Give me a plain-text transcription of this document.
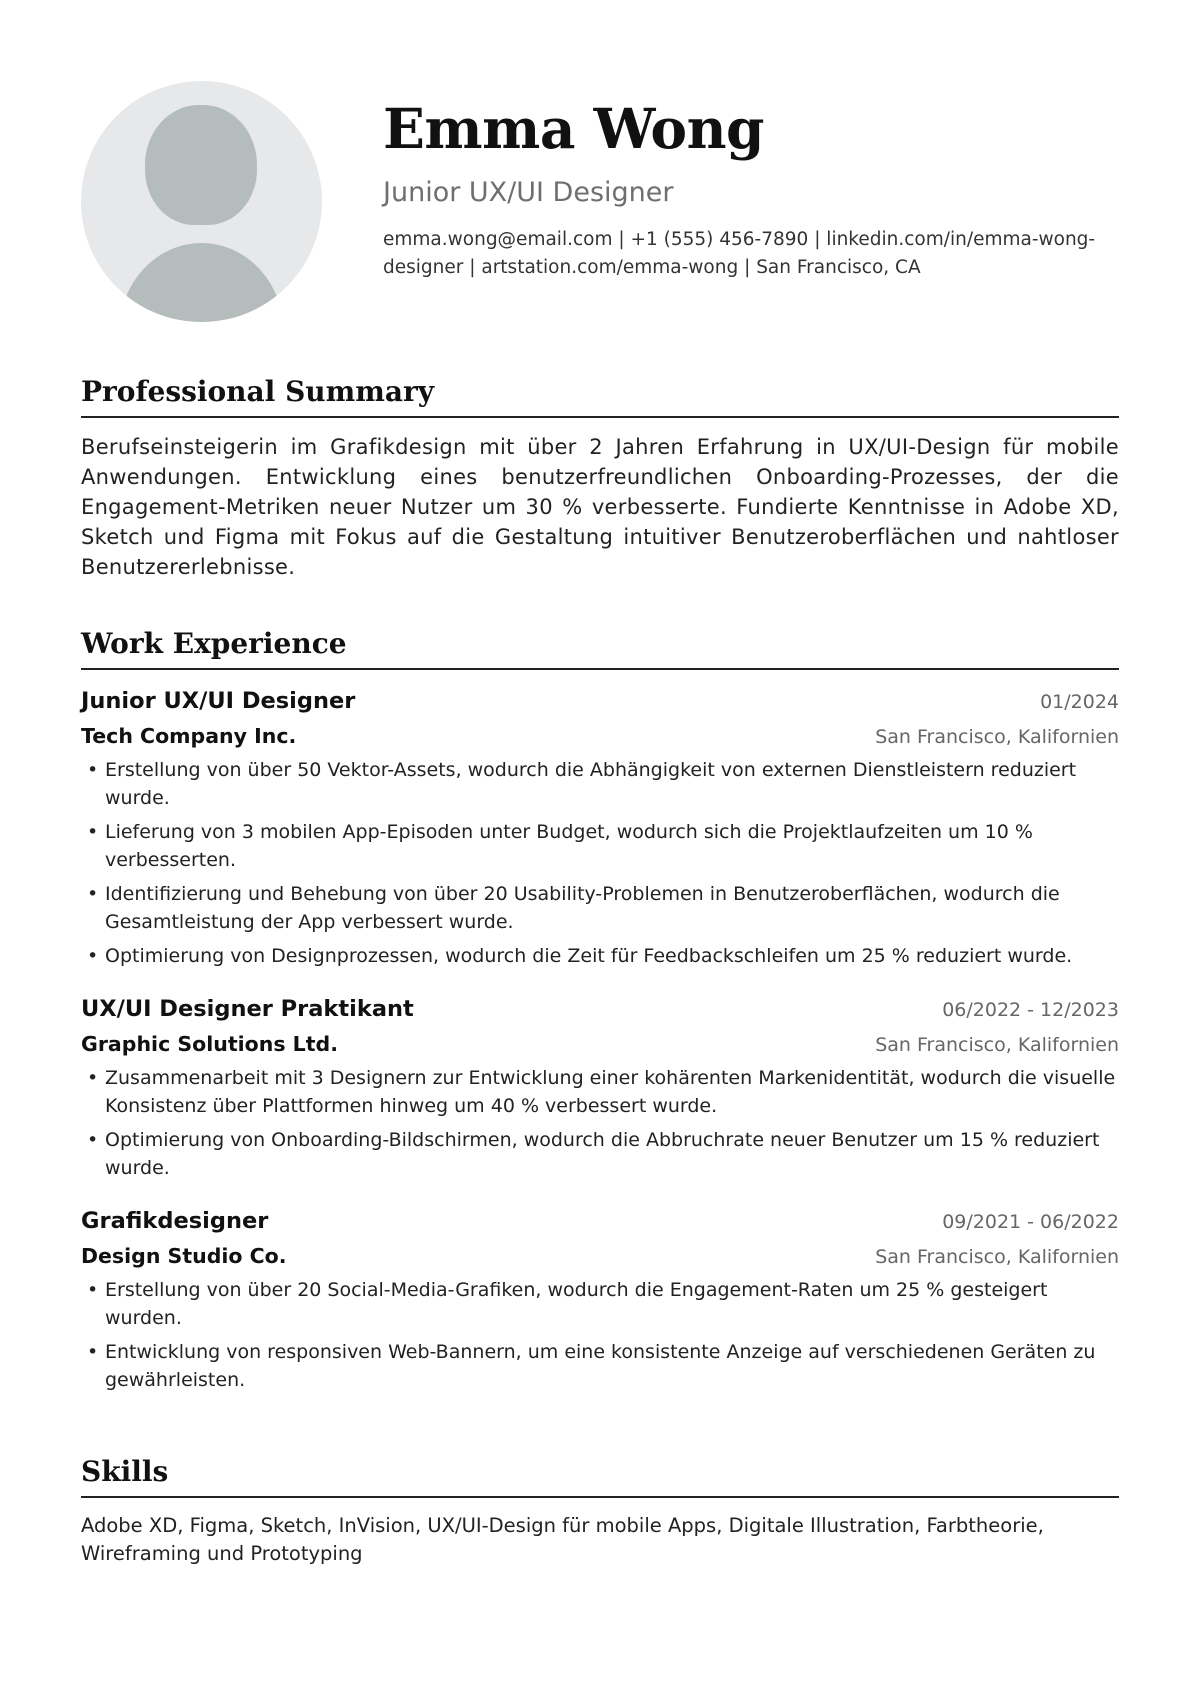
Emma Wong
Junior UX/UI Designer
emma.wong@email.com | +1 (555) 456-7890 | linkedin.com/in/emma-wong-designer | artstation.com/emma-wong | San Francisco, CA
Professional Summary

Berufseinsteigerin im Grafikdesign mit über 2 Jahren Erfahrung in UX/UI-Design für mobile Anwendungen. Entwicklung eines benutzerfreundlichen Onboarding-Prozesses, der die Engagement-Metriken neuer Nutzer um 30 % verbesserte. Fundierte Kenntnisse in Adobe XD, Sketch und Figma mit Fokus auf die Gestaltung intuitiver Benutzeroberflächen und nahtloser Benutzererlebnisse.

Work Experience
Junior UX/UI Designer	01/2024
Tech Company Inc.	San Francisco, Kalifornien
• Erstellung von über 50 Vektor-Assets, wodurch die Abhängigkeit von externen Dienstleistern reduziert wurde.
• Lieferung von 3 mobilen App-Episoden unter Budget, wodurch sich die Projektlaufzeiten um 10 % verbesserten.
• Identifizierung und Behebung von über 20 Usability-Problemen in Benutzeroberflächen, wodurch die Gesamtleistung der App verbessert wurde.
• Optimierung von Designprozessen, wodurch die Zeit für Feedbackschleifen um 25 % reduziert wurde.
UX/UI Designer Praktikant	06/2022 - 12/2023
Graphic Solutions Ltd.	San Francisco, Kalifornien
• Zusammenarbeit mit 3 Designern zur Entwicklung einer kohärenten Markenidentität, wodurch die visuelle Konsistenz über Plattformen hinweg um 40 % verbessert wurde.
• Optimierung von Onboarding-Bildschirmen, wodurch die Abbruchrate neuer Benutzer um 15 % reduziert wurde.
Grafikdesigner	09/2021 - 06/2022
Design Studio Co.	San Francisco, Kalifornien
• Erstellung von über 20 Social-Media-Grafiken, wodurch die Engagement-Raten um 25 % gesteigert wurden.
• Entwicklung von responsiven Web-Bannern, um eine konsistente Anzeige auf verschiedenen Geräten zu gewährleisten.
Skills

Adobe XD, Figma, Sketch, InVision, UX/UI-Design für mobile Apps, Digitale Illustration, Farbtheorie, Wireframing und Prototyping
